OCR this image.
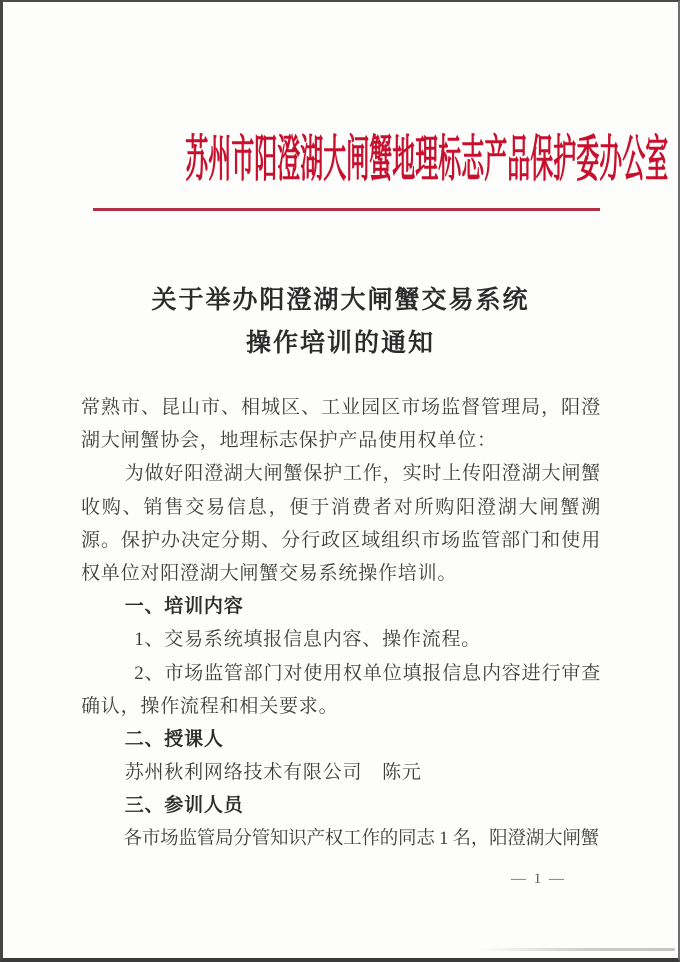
苏州市阳澄湖大闸蟹地理标志产品保护委办公室
关于举办阳澄湖大闸蟹交易系统
操作培训的通知

常熟市、昆山市、相城区、工业园区市场监督管理局，阳澄湖大闸蟹协会，地理标志保护产品使用权单位：

为做好阳澄湖大闸蟹保护工作，实时上传阳澄湖大闸蟹收购、销售交易信息，便于消费者对所购阳澄湖大闸蟹溯源。保护办决定分期、分行政区域组织市场监管部门和使用权单位对阳澄湖大闸蟹交易系统操作培训。

一、培训内容

1、交易系统填报信息内容、操作流程。

2、市场监管部门对使用权单位填报信息内容进行审查确认，操作流程和相关要求。

二、授课人

苏州秋利网络技术有限公司　陈元

三、参训人员

各市场监管局分管知识产权工作的同志 1 名，阳澄湖大闸蟹

— 1 —
